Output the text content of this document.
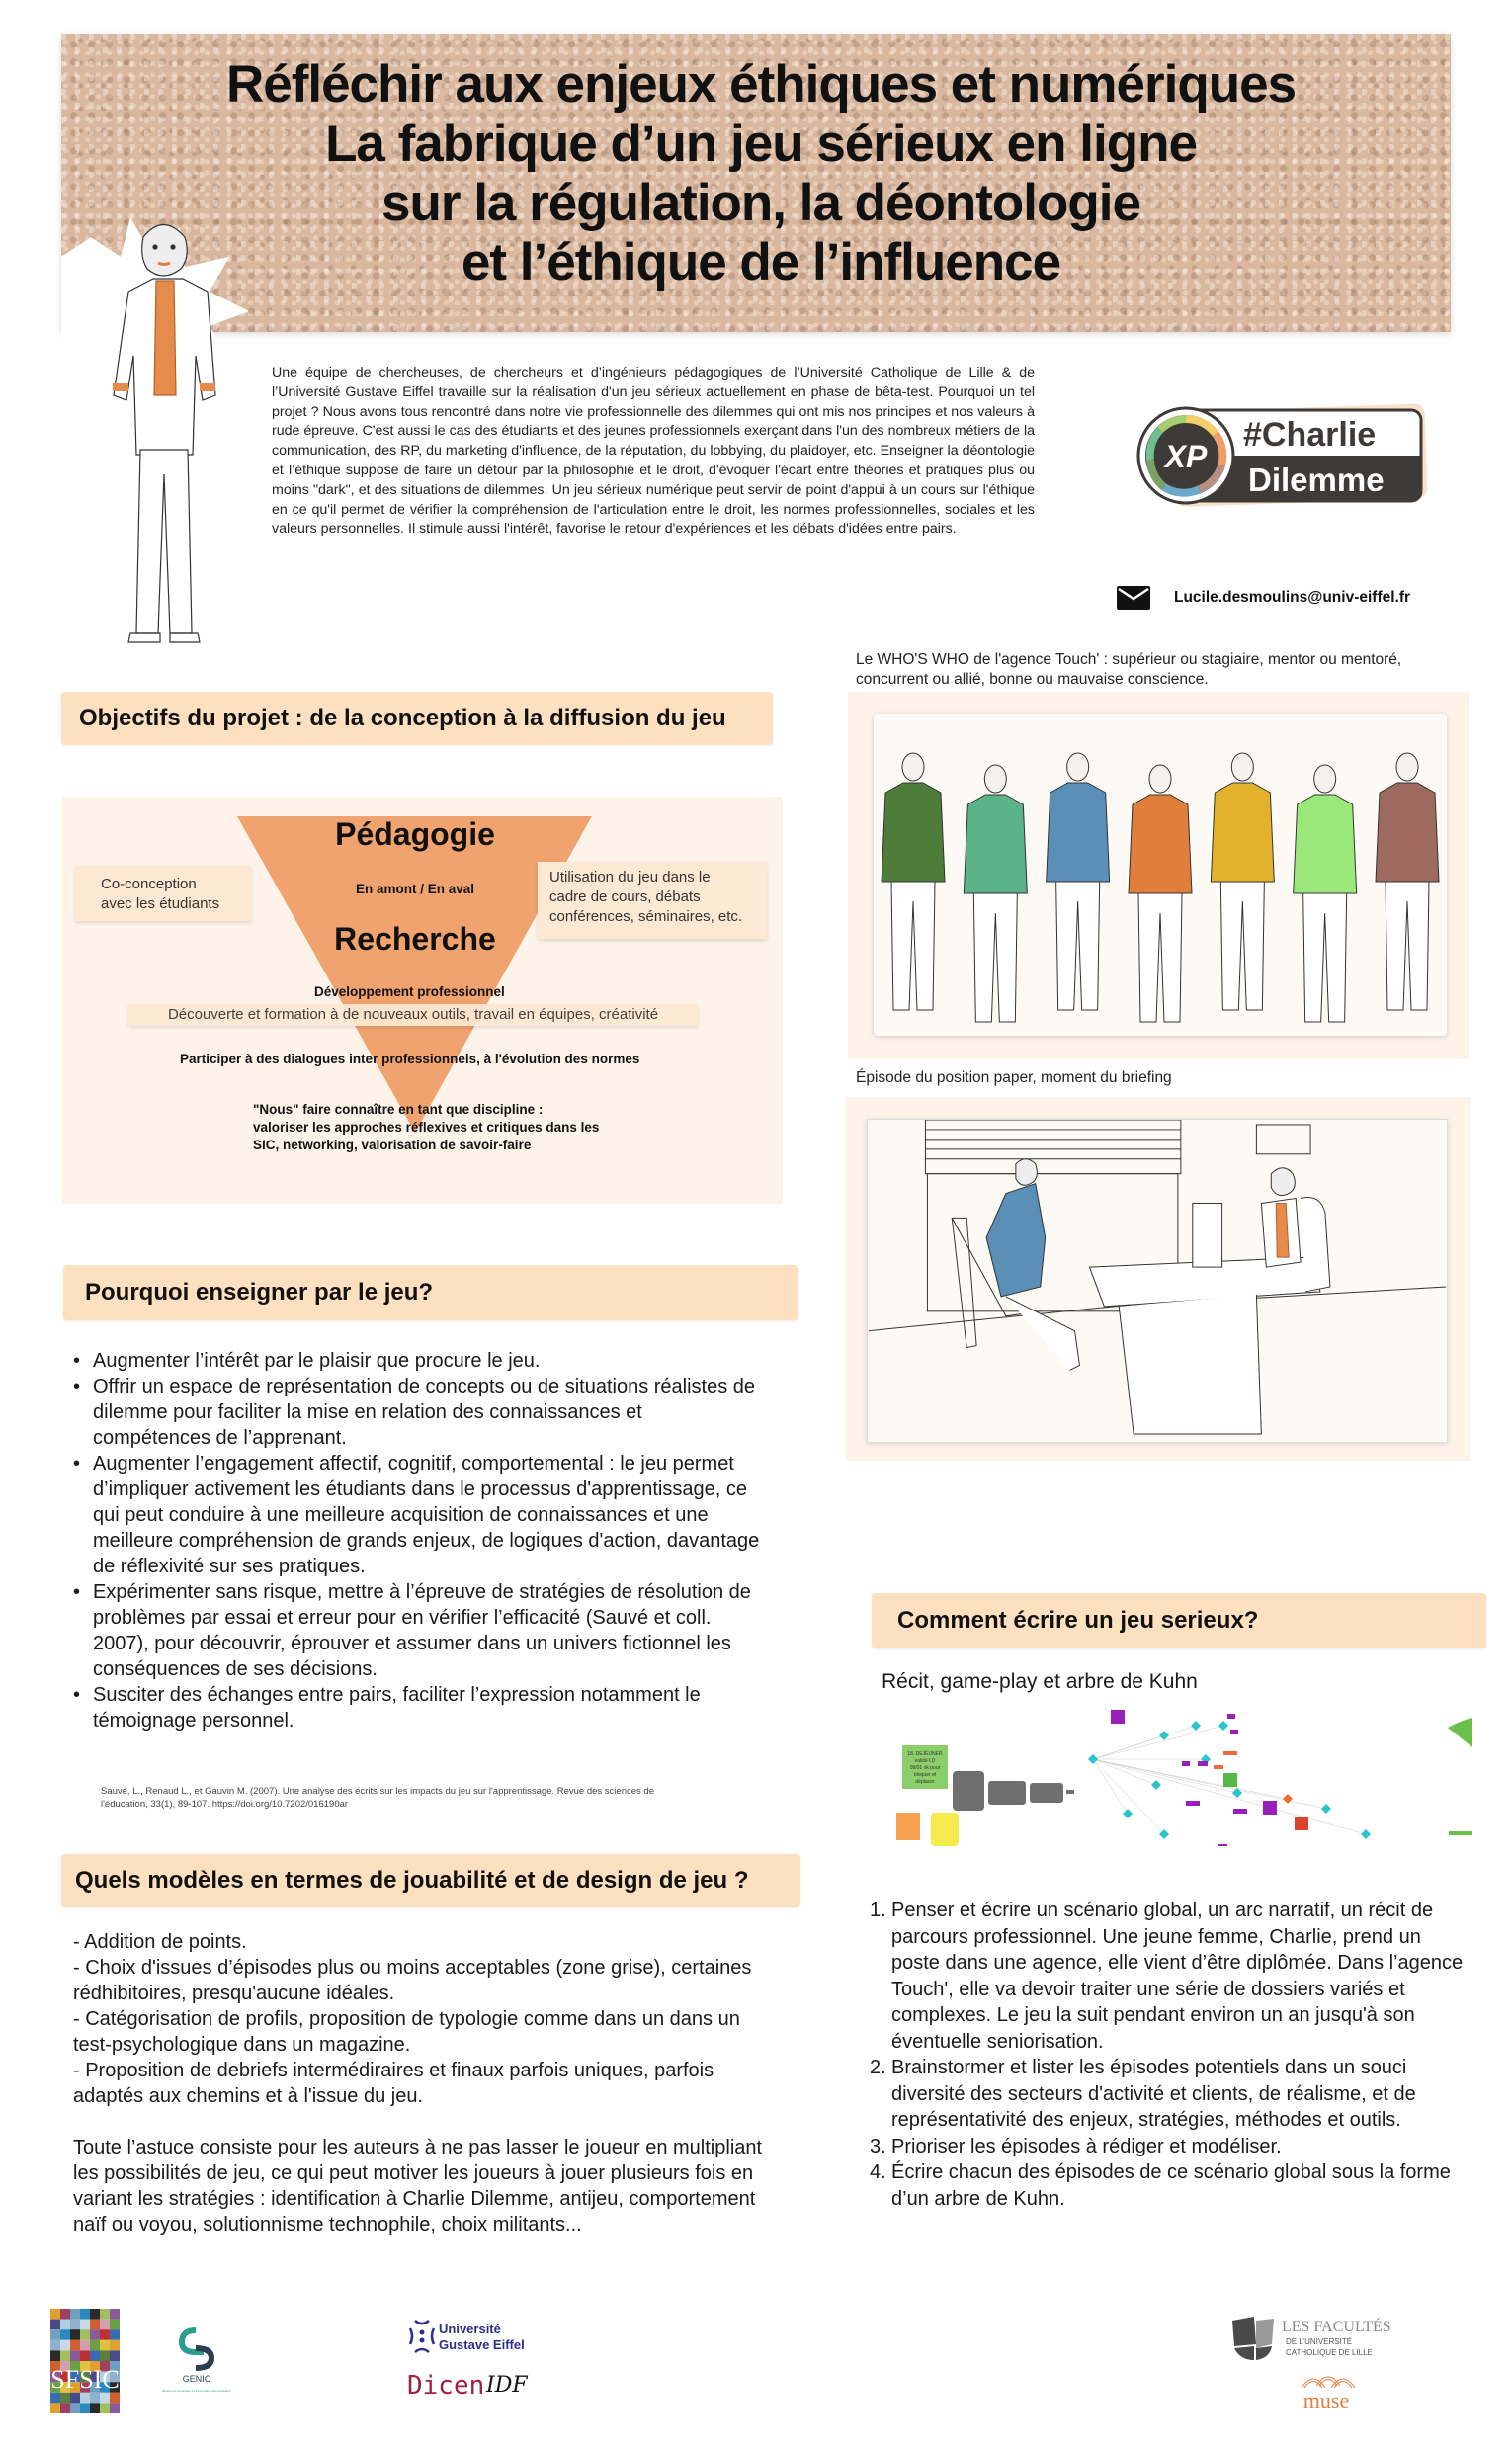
Réfléchir aux enjeux éthiques et numériques
La fabrique d’un jeu sérieux en ligne
sur la régulation, la déontologie
et l’éthique de l’influence

Une équipe de chercheuses, de chercheurs et d’ingénieurs pédagogiques de l’Université Catholique de Lille & de l’Université Gustave Eiffel travaille sur la réalisation d'un jeu sérieux actuellement en phase de bêta-test. Pourquoi un tel projet ? Nous avons tous rencontré dans notre vie professionnelle des dilemmes qui ont mis nos principes et nos valeurs à rude épreuve. C'est aussi le cas des étudiants et des jeunes professionnels exerçant dans l'un des nombreux métiers de la communication, des RP, du marketing d'influence, de la réputation, du lobbying, du plaidoyer, etc. Enseigner la déontologie et l’éthique suppose de faire un détour par la philosophie et le droit, d'évoquer l'écart entre théories et pratiques plus ou moins "dark", et des situations de dilemmes. Un jeu sérieux numérique peut servir de point d'appui à un cours sur l'éthique en ce qu'il permet de vérifier la compréhension de l'articulation entre le droit, les normes professionnelles, sociales et les valeurs personnelles. Il stimule aussi l'intérêt, favorise le retour d'expériences et les débats d'idées entre pairs.

XP
#Charlie
Dilemme
Lucile.desmoulins@univ-eiffel.fr
Objectifs du projet : de la conception à la diffusion du jeu
Pédagogie
En amont / En aval
Recherche
Co-conception
avec les étudiants
Utilisation du jeu dans le
cadre de cours, débats
conférences, séminaires, etc.
Développement professionnel
Découverte et formation à de nouveaux outils, travail en équipes, créativité
Participer à des dialogues inter professionnels, à l'évolution des normes
"Nous" faire connaître en tant que discipline :
valoriser les approches réflexives et critiques dans les
SIC, networking, valorisation de savoir-faire
Pourquoi enseigner par le jeu?
• Augmenter l’intérêt par le plaisir que procure le jeu.
• Offrir un espace de représentation de concepts ou de situations réalistes de dilemme pour faciliter la mise en relation des connaissances et compétences de l’apprenant.
• Augmenter l’engagement affectif, cognitif, comportemental : le jeu permet d’impliquer activement les étudiants dans le processus d'apprentissage, ce qui peut conduire à une meilleure acquisition de connaissances et une meilleure compréhension de grands enjeux, de logiques d'action, davantage de réflexivité sur ses pratiques.
• Expérimenter sans risque, mettre à l’épreuve de stratégies de résolution de problèmes par essai et erreur pour en vérifier l’efficacité (Sauvé et coll. 2007), pour découvrir, éprouver et assumer dans un univers fictionnel les conséquences de ses décisions.
• Susciter des échanges entre pairs, faciliter l’expression notamment le témoignage personnel.

Sauvé, L., Renaud L., et Gauvin M. (2007). Une analyse des écrits sur les impacts du jeu sur l'apprentissage. Revue des sciences de l'éducation, 33(1), 89-107. https://doi.org/10.7202/016190ar

Quels modèles en termes de jouabilité et de design de jeu ?

- Addition de points.
- Choix d'issues d’épisodes plus ou moins acceptables (zone grise), certaines rédhibitoires, presqu'aucune idéales.
- Catégorisation de profils, proposition de typologie comme dans un dans un test-psychologique dans un magazine.
- Proposition de debriefs intermédiraires et finaux parfois uniques, parfois adaptés aux chemins et à l'issue du jeu.

Toute l’astuce consiste pour les auteurs à ne pas lasser le joueur en multipliant les possibilités de jeu, ce qui peut motiver les joueurs à jouer plusieurs fois en variant les stratégies : identification à Charlie Dilemme, antijeu, comportement naïf ou voyou, solutionnisme technophile, choix militants...

Le WHO'S WHO de l'agence Touch' : supérieur ou stagiaire, mentor ou mentoré, concurrent ou allié, bonne ou mauvaise conscience.

Épisode du position paper, moment du briefing

Comment écrire un jeu serieux?
Récit, game-play et arbre de Kuhn
18. DEJEUNER
validé LD
09/01 ok pour
bloquer et
déplacer
1. Penser et écrire un scénario global, un arc narratif, un récit de parcours professionnel. Une jeune femme, Charlie, prend un poste dans une agence, elle vient d’être diplômée. Dans l’agence Touch', elle va devoir traiter une série de dossiers variés et complexes. Le jeu la suit pendant environ un an jusqu'à son éventuelle seniorisation.
2. Brainstormer et lister les épisodes potentiels dans un souci diversité des secteurs d'activité et clients, de réalisme, et de représentativité des enjeux, stratégies, méthodes et outils.
3. Prioriser les épisodes à rédiger et modéliser.
4. Écrire chacun des épisodes de ce scénario global sous la forme d’un arbre de Kuhn.
SFSIC	GENIC
Éthique et numérique en information communication
Université
Gustave Eiffel
Dicen IDF
LES FACULTÉS
DE L’UNIVERSITÉ
CATHOLIQUE DE LILLE
muse
